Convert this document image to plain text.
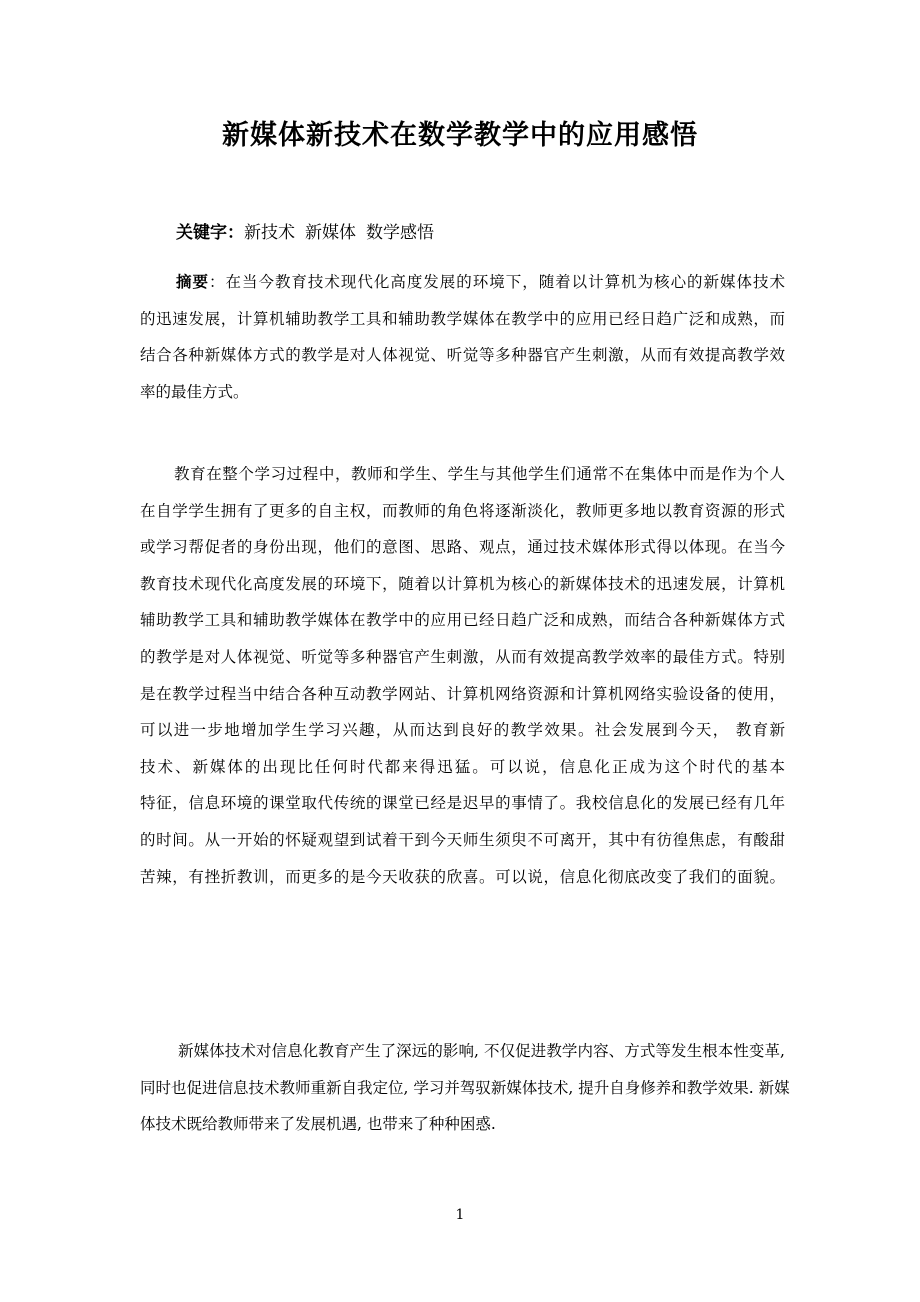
新媒体新技术在数学教学中的应用感悟
关键字：新技术 新媒体 数学感悟
摘要：在当今教育技术现代化高度发展的环境下，随着以计算机为核心的新媒体技术
的迅速发展，计算机辅助教学工具和辅助教学媒体在教学中的应用已经日趋广泛和成熟，而
结合各种新媒体方式的教学是对人体视觉、听觉等多种器官产生刺激，从而有效提高教学效
率的最佳方式。
教育在整个学习过程中，教师和学生、学生与其他学生们通常不在集体中而是作为个人
在自学学生拥有了更多的自主权，而教师的角色将逐渐淡化，教师更多地以教育资源的形式
或学习帮促者的身份出现，他们的意图、思路、观点，通过技术媒体形式得以体现。在当今
教育技术现代化高度发展的环境下，随着以计算机为核心的新媒体技术的迅速发展，计算机
辅助教学工具和辅助教学媒体在教学中的应用已经日趋广泛和成熟，而结合各种新媒体方式
的教学是对人体视觉、听觉等多种器官产生刺激，从而有效提高教学效率的最佳方式。特别
是在教学过程当中结合各种互动教学网站、计算机网络资源和计算机网络实验设备的使用，
可以进一步地增加学生学习兴趣，从而达到良好的教学效果。社会发展到今天， 教育新
技术、新媒体的出现比任何时代都来得迅猛。可以说，信息化正成为这个时代的基本
特征，信息环境的课堂取代传统的课堂已经是迟早的事情了。我校信息化的发展已经有几年
的时间。从一开始的怀疑观望到试着干到今天师生须臾不可离开，其中有彷徨焦虑，有酸甜
苦辣，有挫折教训，而更多的是今天收获的欣喜。可以说，信息化彻底改变了我们的面貌。
新媒体技术对信息化教育产生了深远的影响, 不仅促进教学内容、方式等发生根本性变革,
同时也促进信息技术教师重新自我定位, 学习并驾驭新媒体技术, 提升自身修养和教学效果. 新媒
体技术既给教师带来了发展机遇, 也带来了种种困惑.
1
